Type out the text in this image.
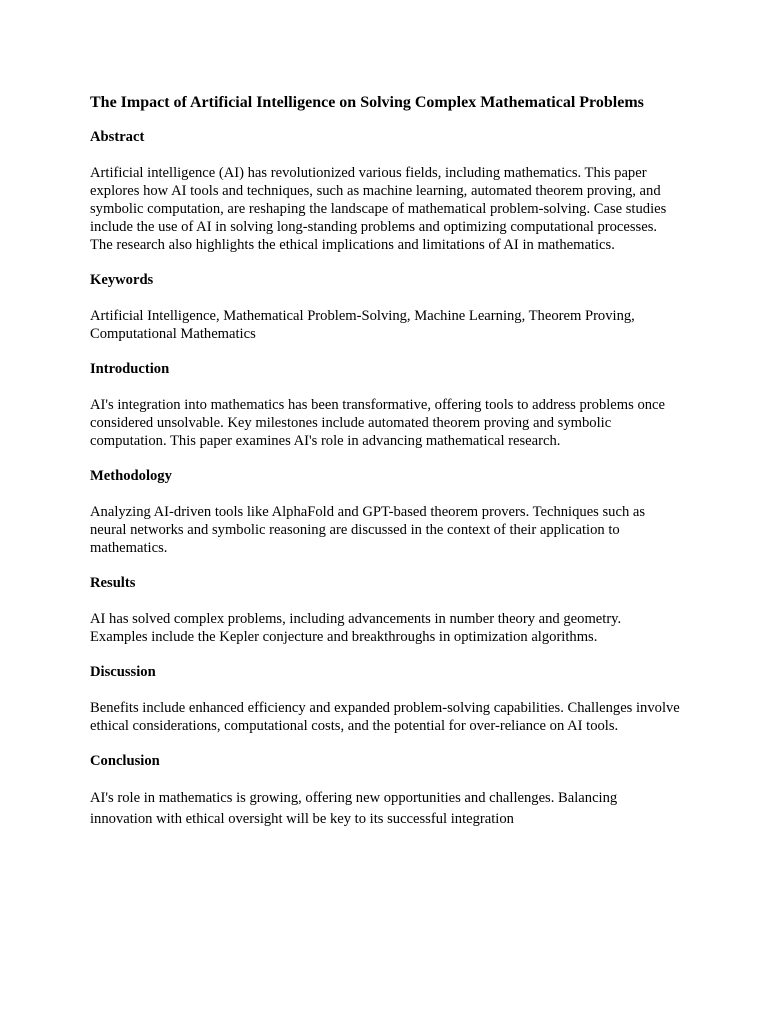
The Impact of Artificial Intelligence on Solving Complex Mathematical Problems
Abstract

Artificial intelligence (AI) has revolutionized various fields, including mathematics. This paper explores how AI tools and techniques, such as machine learning, automated theorem proving, and symbolic computation, are reshaping the landscape of mathematical problem-solving. Case studies include the use of AI in solving long-standing problems and optimizing computational processes. The research also highlights the ethical implications and limitations of AI in mathematics.

Keywords

Artificial Intelligence, Mathematical Problem-Solving, Machine Learning, Theorem Proving, Computational Mathematics

Introduction

AI's integration into mathematics has been transformative, offering tools to address problems once considered unsolvable. Key milestones include automated theorem proving and symbolic computation. This paper examines AI's role in advancing mathematical research.

Methodology

Analyzing AI-driven tools like AlphaFold and GPT-based theorem provers. Techniques such as neural networks and symbolic reasoning are discussed in the context of their application to mathematics.

Results

AI has solved complex problems, including advancements in number theory and geometry. Examples include the Kepler conjecture and breakthroughs in optimization algorithms.

Discussion

Benefits include enhanced efficiency and expanded problem-solving capabilities. Challenges involve ethical considerations, computational costs, and the potential for over-reliance on AI tools.

Conclusion

AI's role in mathematics is growing, offering new opportunities and challenges. Balancing innovation with ethical oversight will be key to its successful integration
